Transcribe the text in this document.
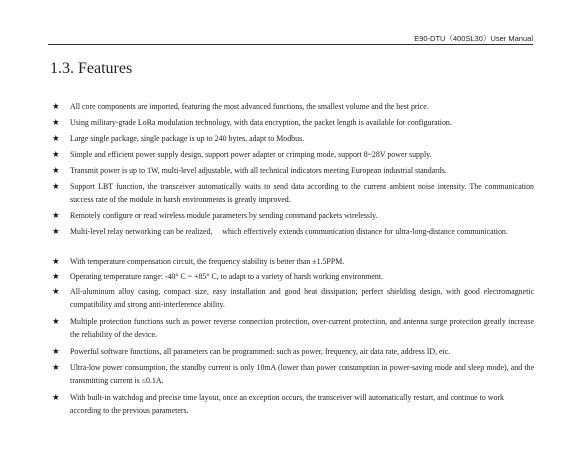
E90-DTU（400SL30）User Manual
1.3. Features
★ All core components are imported, featuring the most advanced functions, the smallest volume and the best price.
★ Using military-grade LoRa modulation technology, with data encryption, the packet length is available for configuration.
★ Large single package, single package is up to 240 bytes, adapt to Modbus.
★ Simple and efficient power supply design, support power adapter or crimping mode, support 8~28V power supply.
★ Transmit power is up to 1W, multi-level adjustable, with all technical indicators meeting European industrial standards.
★ Support LBT function, the transceiver automatically waits to send data according to the current ambient noise intensity. The communication success rate of the module in harsh environments is greatly improved.
★ Remotely configure or read wireless module parameters by sending command packets wirelessly.
★ Multi-level relay networking can be realized,     which effectively extends communication distance for ultra-long-distance communication.
★ With temperature compensation circuit, the frequency stability is better than ±1.5PPM.
★ Operating temperature range: -40° C ~ +85° C, to adapt to a variety of harsh working environment.
★ All-aluminum alloy casing, compact size, easy installation and good heat dissipation; perfect shielding design, with good electromagnetic compatibility and strong anti-interference ability.
★ Multiple protection functions such as power reverse connection protection, over-current protection, and antenna surge protection greatly increase the reliability of the device.
★ Powerful software functions, all parameters can be programmed: such as power, frequency, air data rate, address ID, etc.
★ Ultra-low power consumption, the standby current is only 10mA (lower than power consumption in power-saving mode and sleep mode), and the transmitting current is ≤0.1A.
★ With built-in watchdog and precise time layout, once an exception occurs, the transceiver will automatically restart, and continue to work according to the previous parameters.
